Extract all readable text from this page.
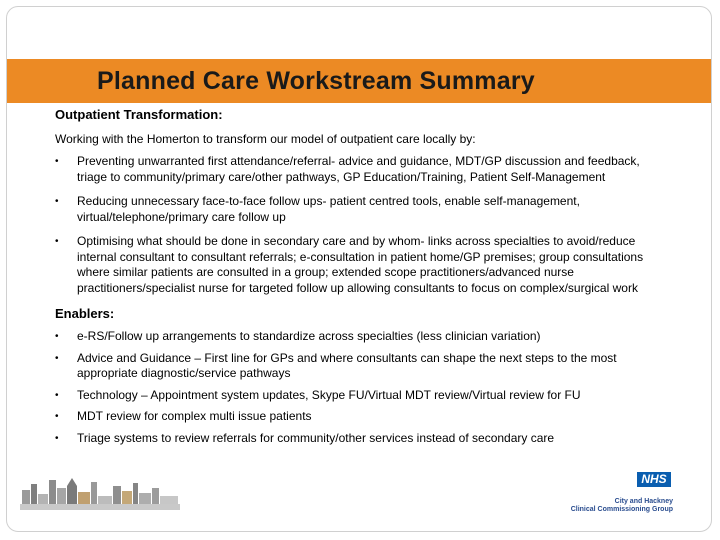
Planned Care Workstream Summary

Outpatient Transformation:

Working with the Homerton to transform our model of outpatient care locally by:

• Preventing unwarranted first attendance/referral- advice and guidance, MDT/GP discussion and feedback, triage to community/primary care/other pathways, GP Education/Training, Patient Self-Management
• Reducing unnecessary face-to-face follow ups- patient centred tools, enable self-management, virtual/telephone/primary care follow up
• Optimising what should be done in secondary care and by whom- links across specialties to avoid/reduce internal consultant to consultant referrals; e-consultation in patient home/GP premises; group consultations where similar patients are consulted in a group; extended scope practitioners/advanced nurse practitioners/specialist nurse for targeted follow up allowing consultants to focus on complex/surgical work

Enablers:

• e-RS/Follow up arrangements to standardize across specialties (less clinician variation)
• Advice and Guidance – First line for GPs and where consultants can shape the next steps to the most appropriate diagnostic/service pathways
• Technology – Appointment system updates, Skype FU/Virtual MDT review/Virtual review for FU
• MDT review for complex multi issue patients
• Triage systems to review referrals for community/other services instead of secondary care
NHS
City and Hackney
Clinical Commissioning Group
